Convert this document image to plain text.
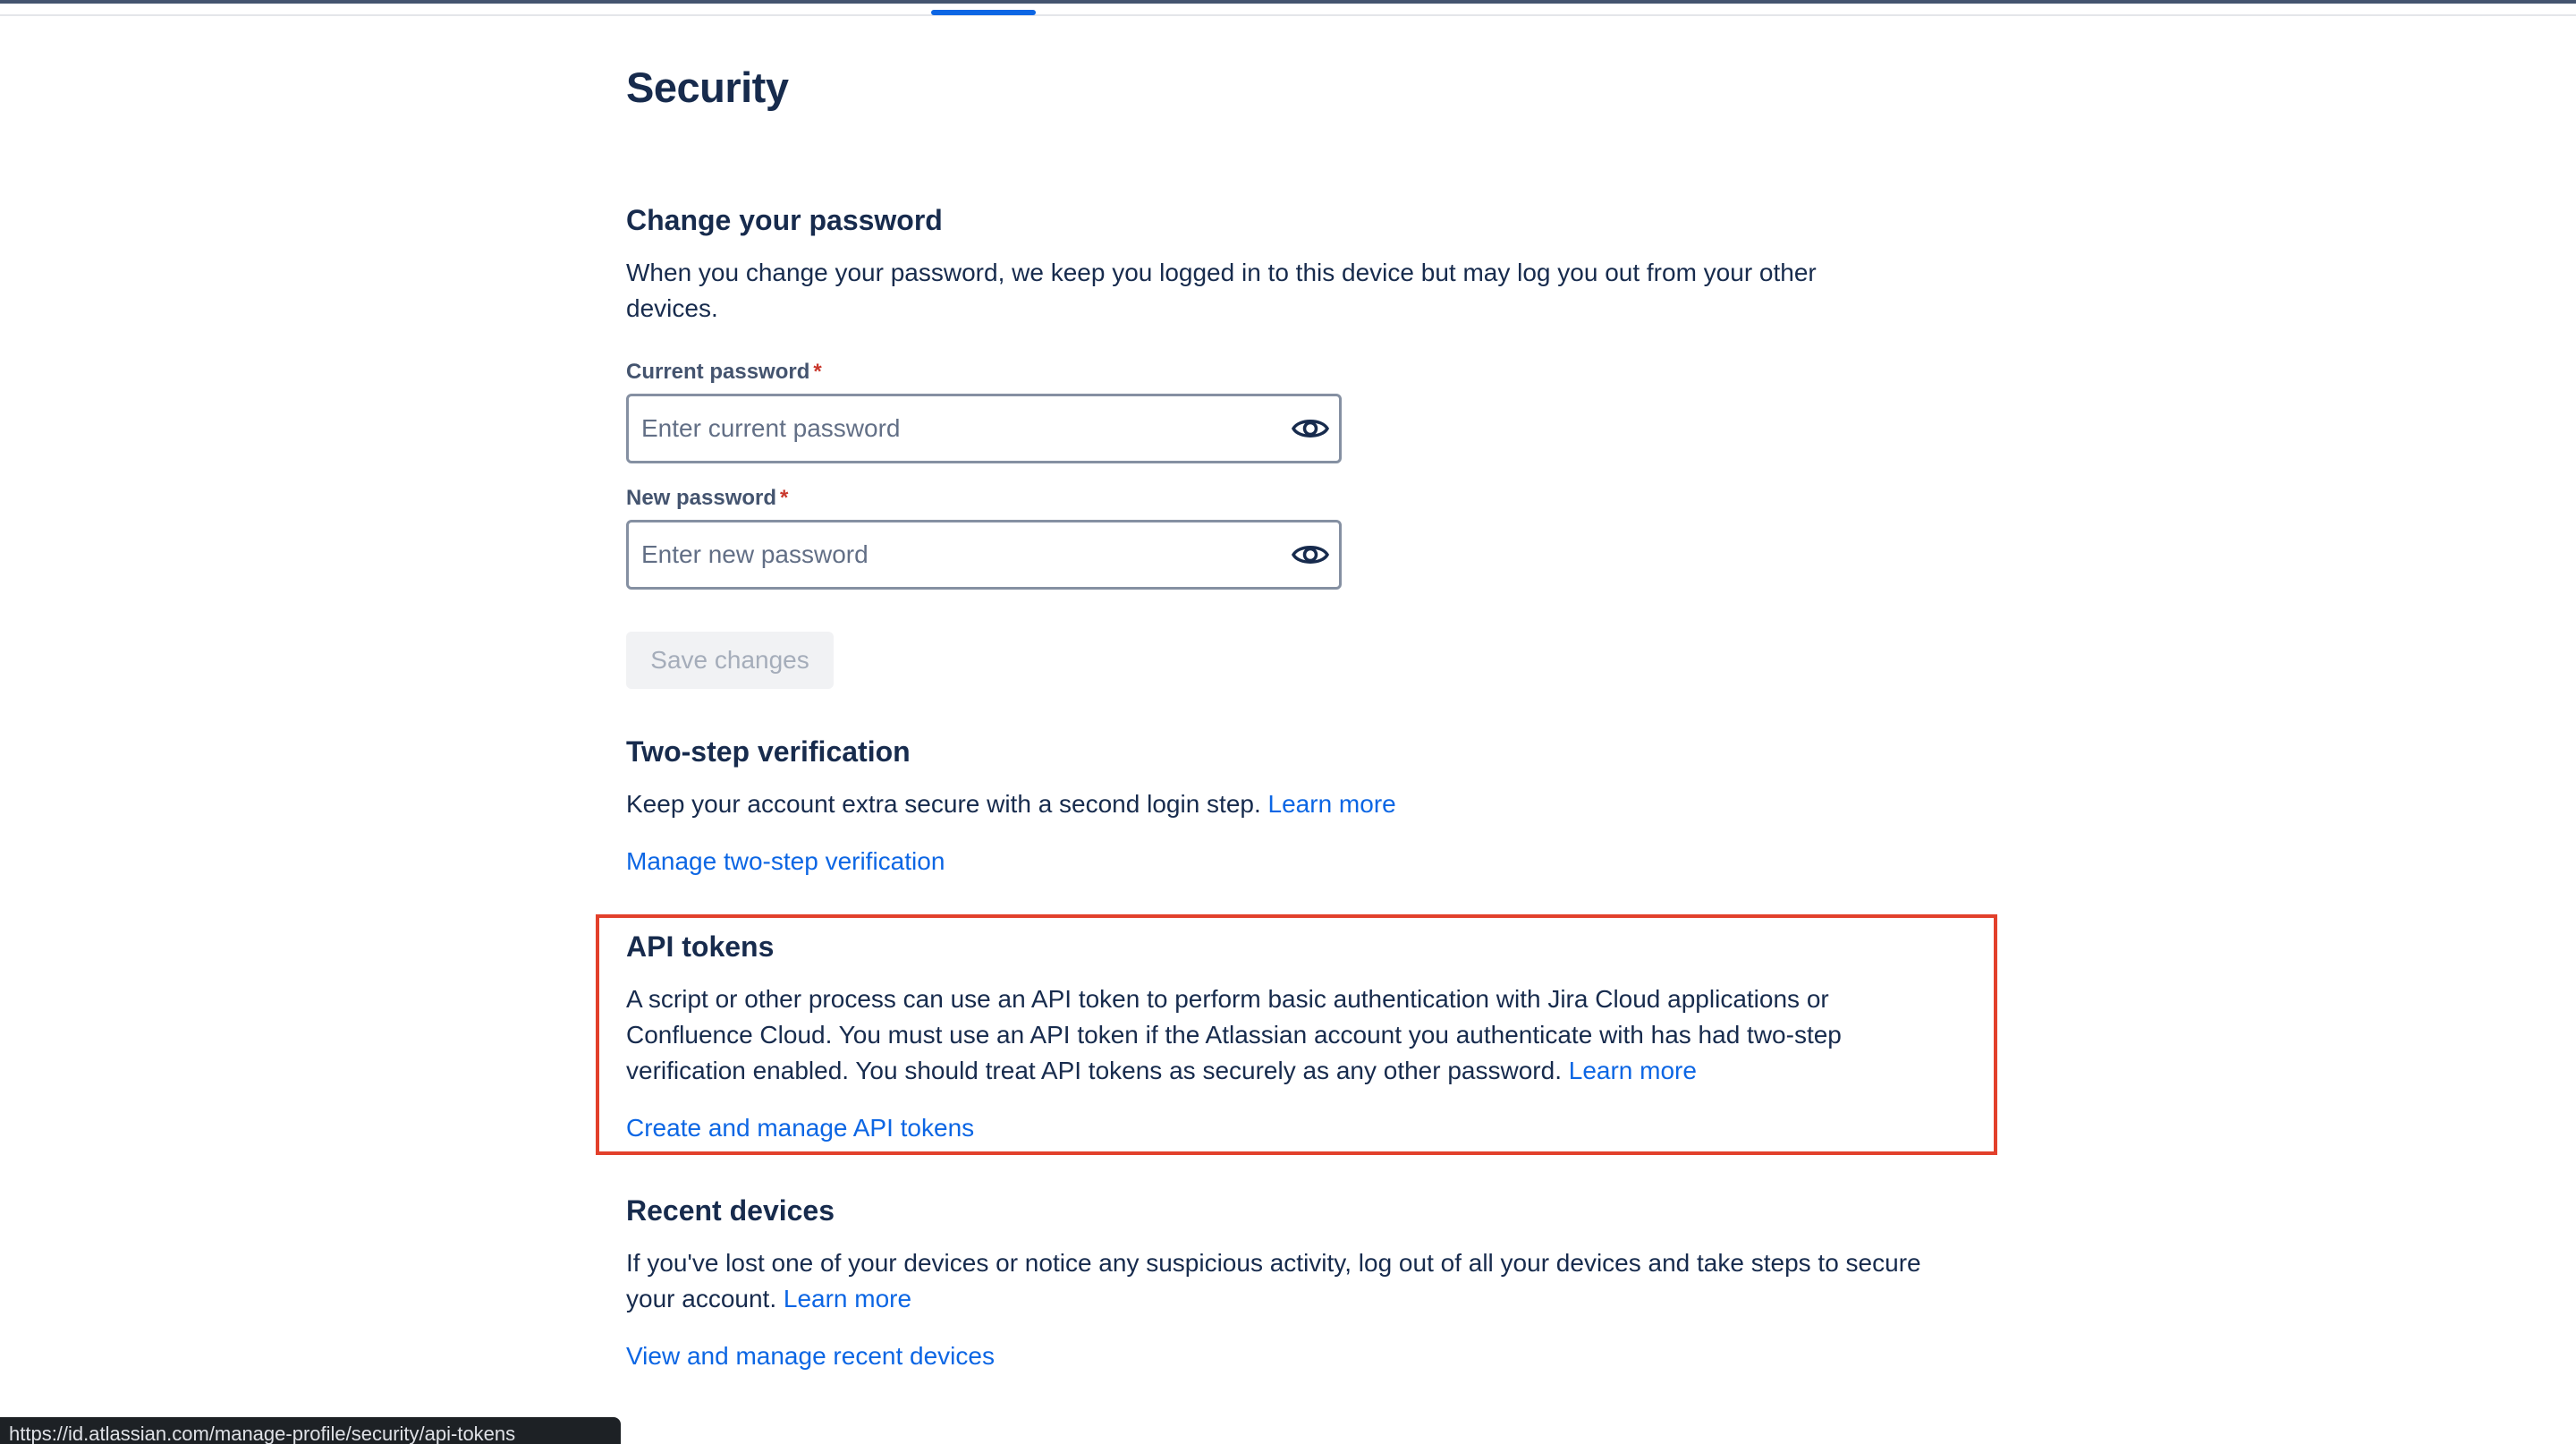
Security
Change your password

When you change your password, we keep you logged in to this device but may log you out from your other devices.

Current password *
New password *
Save changes
Two-step verification

Keep your account extra secure with a second login step. Learn more

Manage two-step verification

API tokens

A script or other process can use an API token to perform basic authentication with Jira Cloud applications or Confluence Cloud. You must use an API token if the Atlassian account you authenticate with has had two-step verification enabled. You should treat API tokens as securely as any other password. Learn more

Create and manage API tokens

Recent devices

If you've lost one of your devices or notice any suspicious activity, log out of all your devices and take steps to secure your account. Learn more

View and manage recent devices

https://id.atlassian.com/manage-profile/security/api-tokens
